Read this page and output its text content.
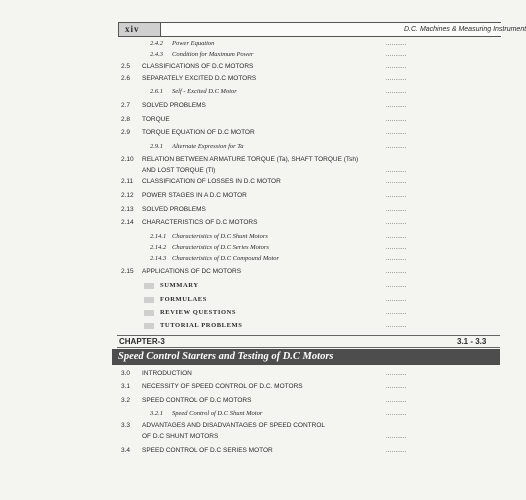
xiv	D.C. Machines & Measuring Instrument
2.4.2 Power Equation	...........
2.4.3 Condition for Maximum Power	...........
2.5 CLASSIFICATIONS OF D.C MOTORS	...........
2.6 SEPARATELY EXCITED D.C MOTORS	...........
2.6.1 Self - Excited D.C Motor	...........
2.7 SOLVED PROBLEMS	...........
2.8 TORQUE	...........
2.9 TORQUE EQUATION OF D.C MOTOR	...........
2.9.1 Alternate Expression for Ta	...........
2.10 RELATION BETWEEN ARMATURE TORQUE (Ta), SHAFT TORQUE (Tsh)
AND LOST TORQUE (Tl)	...........
2.11 CLASSIFICATION OF LOSSES IN D.C MOTOR	...........
2.12 POWER STAGES IN A D.C MOTOR	...........
2.13 SOLVED PROBLEMS	...........
2.14 CHARACTERISTICS OF D.C MOTORS	...........
2.14.1 Characteristics of D.C Shunt Motors	...........
2.14.2 Characteristics of D.C Series Motors	...........
2.14.3 Characteristics of D.C Compound Motor	...........
2.15 APPLICATIONS OF DC MOTORS	...........
SUMMARY	...........
FORMULAES	...........
REVIEW QUESTIONS	...........
TUTORIAL PROBLEMS	...........
CHAPTER-3	3.1 - 3.3
Speed Control Starters and Testing of D.C Motors
3.0 INTRODUCTION	...........
3.1 NECESSITY OF SPEED CONTROL OF D.C. MOTORS	...........
3.2 SPEED CONTROL OF D.C MOTORS	...........
3.2.1 Speed Control of D.C Shunt Motor	...........
3.3 ADVANTAGES AND DISADVANTAGES OF SPEED CONTROL
OF D.C SHUNT MOTORS	...........
3.4 SPEED CONTROL OF D.C SERIES MOTOR	...........
